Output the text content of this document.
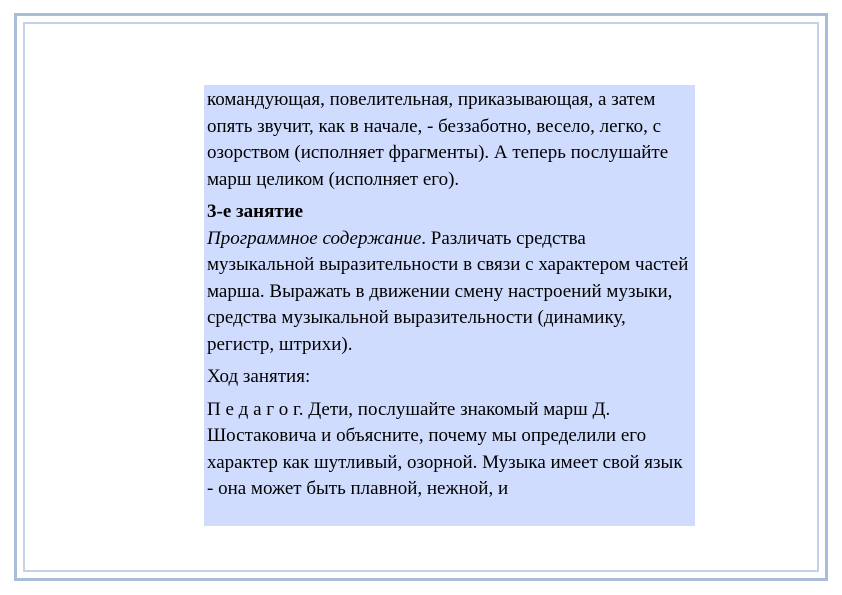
командующая, повелительная, приказывающая, а затем опять звучит, как в начале, - беззаботно, весело, легко, с озорством (исполняет фрагменты). А теперь послушайте марш целиком (исполняет его).

3-е занятие

Программное содержание. Различать средства музыкальной выразительности в связи с характером частей марша. Выражать в движении смену настроений музыки, средства музыкальной выразительности (динамику, регистр, штрихи).

Ход занятия:

П е д а г о г. Дети, послушайте знакомый марш Д. Шостаковича и объясните, почему мы определили его характер как шутливый, озорной. Музыка имеет свой язык - она может быть плавной, нежной, и
